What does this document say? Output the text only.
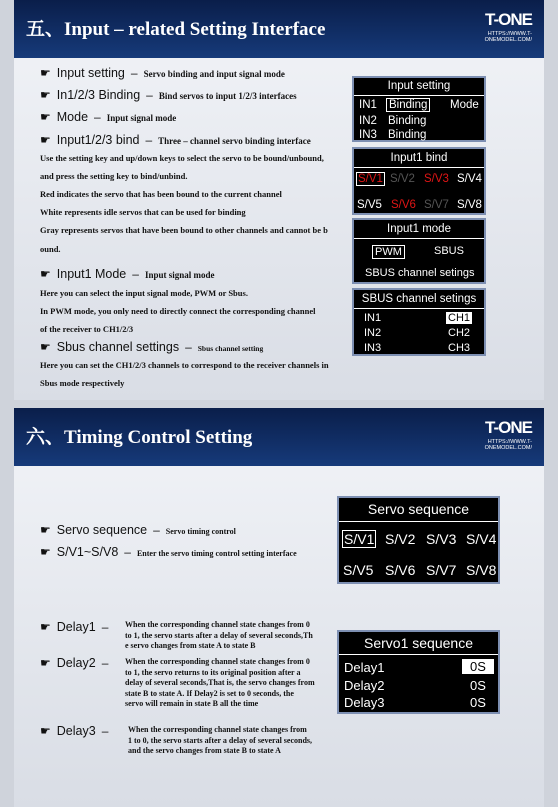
五、Input – related Setting Interface	T-ONE
HTTPS://WWW.T-ONEMODEL.COM/
☛ Input setting – Servo binding and input signal mode
☛ In1/2/3 Binding – Bind servos to input 1/2/3 interfaces
☛ Mode – Input signal mode
☛ Input1/2/3 bind – Three – channel servo binding interface
Use the setting key and up/down keys to select the servo to be bound/unbound,
and press the setting key to bind/unbind.
Red indicates the servo that has been bound to the current channel
White represents idle servos that can be used for binding
Gray represents servos that have been bound to other channels and cannot be b
ound.
☛ Input1 Mode – Input signal mode
Here you can select the input signal mode, PWM or Sbus.
In PWM mode, you only need to directly connect the corresponding channel
of the receiver to CH1/2/3
☛ Sbus channel settings – Sbus channel setting
Here you can set the CH1/2/3 channels to correspond to the receiver channels in
Sbus mode respectively
Input setting
IN1 Binding Mode
IN2 Binding
IN3 Binding
Input1 bind
S/V1 S/V2 S/V3 S/V4
S/V5 S/V6 S/V7 S/V8
Input1 mode
PWM	SBUS
SBUS channel setings
SBUS channel setings
IN1	CH1
IN2	CH2
IN3	CH3
六、Timing Control Setting	T-ONE
HTTPS://WWW.T-ONEMODEL.COM/
☛ Servo sequence – Servo timing control
☛ S/V1~S/V8 – Enter the servo timing control setting interface
☛ Delay1 –	When the corresponding channel state changes from 0
to 1, the servo starts after a delay of several seconds,Th
e servo changes from state A to state B
☛ Delay2 –	When the corresponding channel state changes from 0
to 1, the servo returns to its original position after a
delay of several seconds,That is, the servo changes from
state B to state A. If Delay2 is set to 0 seconds, the
servo will remain in state B all the time
☛ Delay3 –	When the corresponding channel state changes from
1 to 0, the servo starts after a delay of several seconds,
and the servo changes from state B to state A
Servo sequence
S/V1 S/V2 S/V3 S/V4
S/V5 S/V6 S/V7 S/V8
Servo1 sequence
Delay1	0S
Delay2	0S
Delay3	0S
